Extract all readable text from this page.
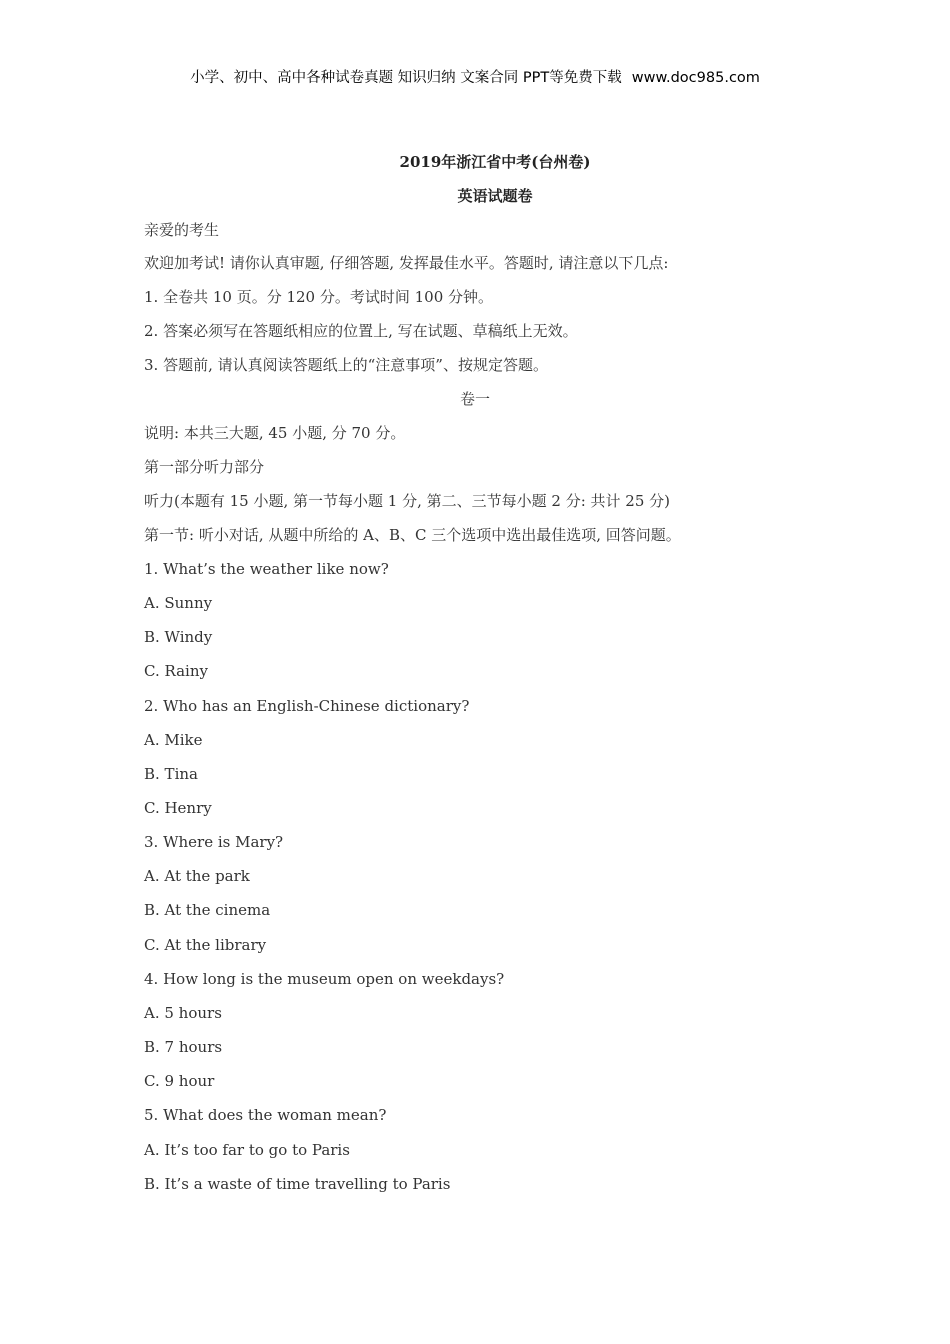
小学、初中、高中各种试卷真题 知识归纳 文案合同 PPT等免费下载 www.doc985.com
2019年浙江省中考(台州卷)
英语试题卷
亲爱的考生
欢迎加考试! 请你认真审题, 仔细答题, 发挥最佳水平。答题时, 请注意以下几点:
1. 全卷共 10 页。分 120 分。考试时间 100 分钟。
2. 答案必须写在答题纸相应的位置上, 写在试题、草稿纸上无效。
3. 答题前, 请认真阅读答题纸上的“注意事项”、按规定答题。
卷一
说明: 本共三大题, 45 小题, 分 70 分。
第一部分听力部分
听力(本题有 15 小题, 第一节每小题 1 分, 第二、三节每小题 2 分: 共计 25 分)
第一节: 听小对话, 从题中所给的 A、B、C 三个选项中选出最佳选项, 回答问题。
1. What’s the weather like now?
A. Sunny
B. Windy
C. Rainy
2. Who has an English-Chinese dictionary?
A. Mike
B. Tina
C. Henry
3. Where is Mary?
A. At the park
B. At the cinema
C. At the library
4. How long is the museum open on weekdays?
A. 5 hours
B. 7 hours
C. 9 hour
5. What does the woman mean?
A. It’s too far to go to Paris
B. It’s a waste of time travelling to Paris
